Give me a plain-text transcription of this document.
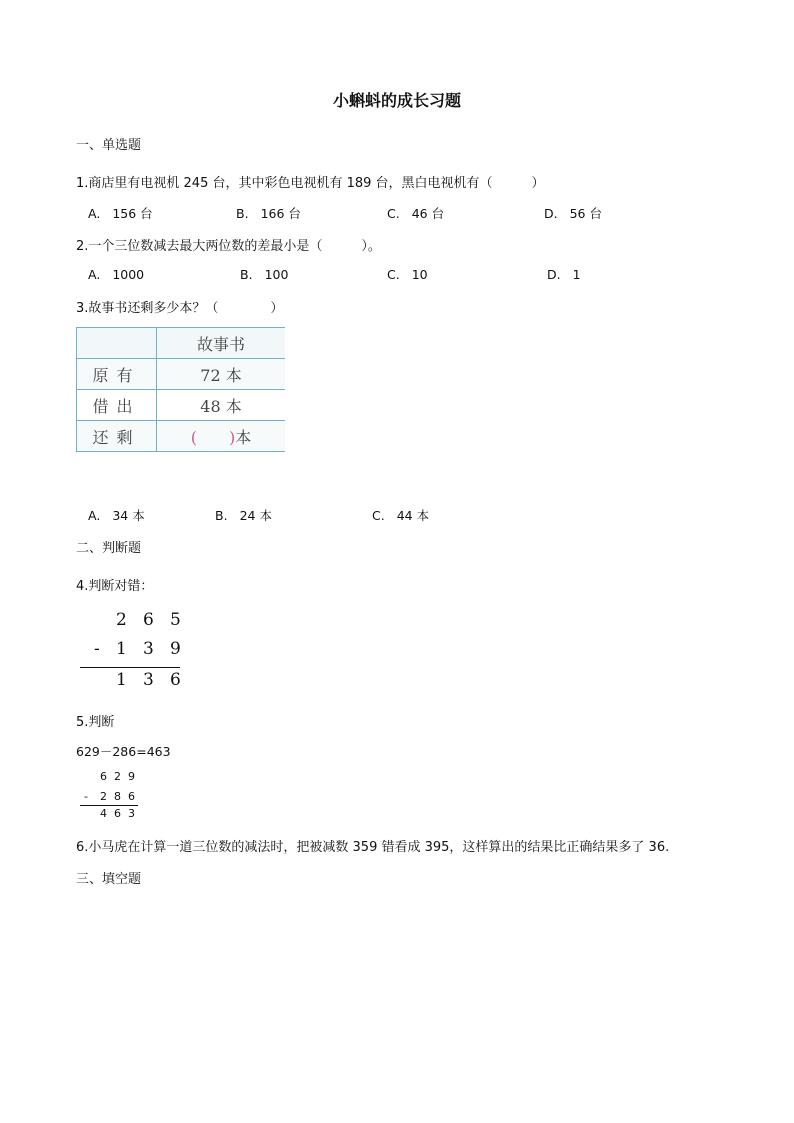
小蝌蚪的成长习题
一、单选题
1.商店里有电视机 245 台，其中彩色电视机有 189 台，黑白电视机有（　　　）
A. 156 台	B. 166 台	C. 46 台	D. 56 台
2.一个三位数减去最大两位数的差最小是（　　　）。
A. 1000	B. 100	C. 10	D. 1
3.故事书还剩多少本？（　　　　）
	故事书
原有	72 本
借出	48 本
还剩	(　　)本
A. 34 本	B. 24 本	C. 44 本
二、判断题
4.判断对错：
2 6 5
- 1 3 9
1 3 6
5.判断
629－286=463
6 2 9
- 2 8 6
4 6 3
6.小马虎在计算一道三位数的减法时，把被减数 359 错看成 395，这样算出的结果比正确结果多了 36.
三、填空题
